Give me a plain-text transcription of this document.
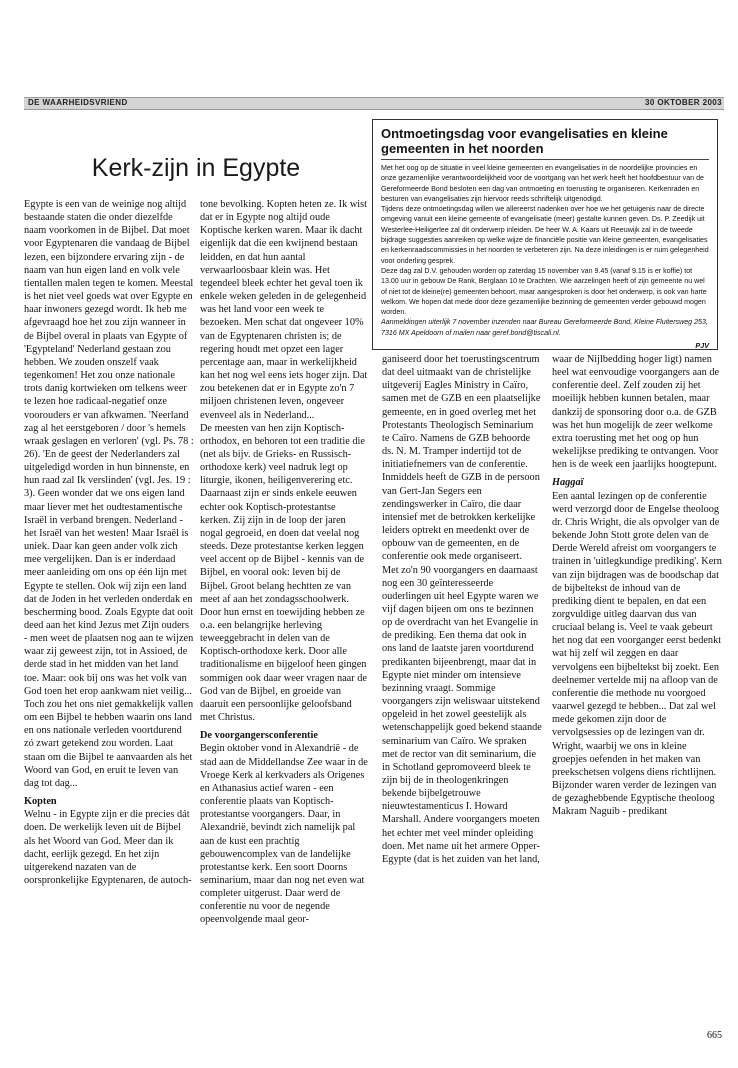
DE WAARHEIDSVRIEND	30 OKTOBER 2003
Ontmoetingsdag voor evangelisaties en kleine gemeenten in het noorden

Met het oog op de situatie in veel kleine gemeenten en evangelisaties in de noordelijke provincies en onze gezamenlijke verantwoordelijkheid voor de voortgang van het werk heeft het hoofdbestuur van de Gereformeerde Bond besloten een dag van ontmoeting en toerusting te organiseren. Kerkenraden en besturen van evangelisaties zijn hiervoor reeds schriftelijk uitgenodigd.

Tijdens deze ontmoetingsdag willen we allereerst nadenken over hoe we het getuigenis naar de directe omgeving vanuit een kleine gemeente of evangelisatie (meer) gestalte kunnen geven. Ds. P. Zeedijk uit Westerlee-Heiligerlee zal dit onderwerp inleiden. De heer W. A. Kaars uit Reeuwijk zal in de tweede bijdrage suggesties aanreiken op welke wijze de financiële positie van kleine gemeenten, evangelisaties en kerkenraadscommissies in het noorden te verbeteren zijn. Na deze inleidingen is er ruim gelegenheid voor onderling gesprek.

Deze dag zal D.V. gehouden worden op zaterdag 15 november van 9.45 (vanaf 9.15 is er koffie) tot 13.00 uur in gebouw De Rank, Berglaan 10 te Drachten. Wie aarzelingen heeft of zijn gemeente nu wel of niet tot de kleine(re) gemeenten behoort, maar aangesproken is door het onderwerp, is ook van harte welkom. We hopen dat mede door deze gezamenlijke bezinning de gemeenten verder gebouwd mogen worden.

Aanmeldingen uiterlijk 7 november inzenden naar Bureau Gereformeerde Bond, Kleine Fluitersweg 253, 7316 MX Apeldoorn of mailen naar geref.bond@tiscali.nl.

PJV
Kerk-zijn in Egypte

Egypte is een van de weinige nog altijd bestaande staten die onder diezelfde naam voorkomen in de Bijbel. Dat moet voor Egyptenaren die vandaag de Bijbel lezen, een bijzondere ervaring zijn - de naam van hun eigen land en volk vele tientallen malen tegen te komen. Meestal is het niet veel goeds wat over Egypte en haar inwoners gezegd wordt. Ik heb me afgevraagd hoe het zou zijn wanneer in de Bijbel overal in plaats van Egypte of 'Egypteland' Nederland gestaan zou hebben. We zouden onszelf vaak tegenkomen! Het zou onze nationale trots danig kortwieken om telkens weer te lezen hoe radicaal-negatief onze voorouders er van afkwamen. 'Neerland zag al het eerstgeboren / door 's hemels wraak geslagen en verloren' (vgl. Ps. 78 : 26). 'En de geest der Nederlanders zal uitgeledigd worden in hun binnenste, en hun raad zal Ik verslinden' (vgl. Jes. 19 : 3). Geen wonder dat we ons eigen land maar liever met het oudtestamentische Israël in verband brengen. Nederland - het Israël van het westen! Maar Israël is uniek. Daar kan geen ander volk zich mee vergelijken. Dan is er inderdaad meer aanleiding om ons op één lijn met Egypte te stellen. Ook wij zijn een land dat de Joden in het verleden onderdak en bescherming bood. Zoals Egypte dat ooit deed aan het kind Jezus met Zijn ouders - men weet de plaatsen nog aan te wijzen waar zij geweest zijn, tot in Assioed, de derde stad in het midden van het land toe. Maar: ook bij ons was het volk van God toen het erop aankwam niet veilig... Toch zou het ons niet gemakkelijk vallen om een Bijbel te hebben waarin ons land en ons nationale verleden voortdurend zó zwart getekend zou worden. Laat staan om die Bijbel te aanvaarden als het Woord van God, en eruit te leven van dag tot dag...

Kopten

Welnu - in Egypte zijn er die precies dát doen. De werkelijk leven uit de Bijbel als het Woord van God. Meer dan ik dacht, eerlijk gezegd. En het zijn uitgerekend nazaten van de oorspronkelijke Egyptenaren, de autoch-

tone bevolking. Kopten heten ze. Ik wist dat er in Egypte nog altijd oude Koptische kerken waren. Maar ik dacht eigenlijk dat die een kwijnend bestaan leidden, en dat hun aantal verwaarloosbaar klein was. Het tegendeel bleek echter het geval toen ik enkele weken geleden in de gelegenheid was het land voor een week te bezoeken. Men schat dat ongeveer 10% van de Egyptenaren christen is; de regering houdt met opzet een lager percentage aan, maar in werkelijkheid kan het nog wel eens iets hoger zijn. Dat zou betekenen dat er in Egypte zo'n 7 miljoen christenen leven, ongeveer evenveel als in Nederland...

De meesten van hen zijn Koptisch-orthodox, en behoren tot een traditie die (net als bijv. de Grieks- en Russisch-orthodoxe kerk) veel nadruk legt op liturgie, ikonen, heiligenverering etc. Daarnaast zijn er sinds enkele eeuwen echter ook Koptisch-protestantse kerken. Zij zijn in de loop der jaren nogal gegroeid, en doen dat veelal nog steeds. Deze protestantse kerken leggen veel accent op de Bijbel - kennis van de Bijbel, en vooral ook: leven bij de Bijbel. Groot belang hechtten ze van meet af aan het zondagsschoolwerk. Door hun ernst en toewijding hebben ze o.a. een belangrijke herleving teweeggebracht in delen van de Koptisch-orthodoxe kerk. Door alle traditionalisme en bijgeloof heen gingen sommigen ook daar weer vragen naar de God van de Bijbel, en groeide van daaruit een persoonlijke geloofsband met Christus.

De voorgangersconferentie

Begin oktober vond in Alexandrië - de stad aan de Middellandse Zee waar in de Vroege Kerk al kerkvaders als Origenes en Athanasius actief waren - een conferentie plaats van Koptisch-protestantse voorgangers. Daar, in Alexandrië, bevindt zich namelijk pal aan de kust een prachtig gebouwencomplex van de landelijke protestantse kerk. Een soort Doorns seminarium, maar dan nog net even wat completer uitgerust. Daar werd de conferentie nu voor de negende opeenvolgende maal geor-

ganiseerd door het toerustingscentrum dat deel uitmaakt van de christelijke uitgeverij Eagles Ministry in Caïro, samen met de GZB en een plaatselijke gemeente, en in goed overleg met het Protestants Theologisch Seminarium te Caïro. Namens de GZB behoorde ds. N. M. Tramper indertijd tot de initiatiefnemers van de conferentie. Inmiddels heeft de GZB in de persoon van Gert-Jan Segers een zendingswerker in Caïro, die daar intensief met de betrokken kerkelijke leiders optrekt en meedenkt over de opbouw van de gemeenten, en de conferentie ook mede organiseert.

Met zo'n 90 voorgangers en daarnaast nog een 30 geïnteresseerde ouderlingen uit heel Egypte waren we vijf dagen bijeen om ons te bezinnen op de overdracht van het Evangelie in de prediking. Een thema dat ook in ons land de laatste jaren voortdurend predikanten bijeenbrengt, maar dat in Egypte niet minder om intensieve bezinning vraagt. Sommige voorgangers zijn weliswaar uitstekend opgeleid in het zowel geestelijk als wetenschappelijk goed bekend staande seminarium van Caïro. We spraken met de rector van dit seminarium, die in Schotland gepromoveerd bleek te zijn bij de in theologenkringen bekende bijbelgetrouwe nieuwtestamenticus I. Howard Marshall. Andere voorgangers moeten het echter met veel minder opleiding doen. Met name uit het armere Opper-Egypte (dat is het zuiden van het land,

waar de Nijlbedding hoger ligt) namen heel wat eenvoudige voorgangers aan de conferentie deel. Zelf zouden zij het moeilijk hebben kunnen betalen, maar dankzij de sponsoring door o.a. de GZB was het hun mogelijk de zeer welkome extra toerusting met het oog op hun wekelijkse prediking te ontvangen. Voor hen is de week een jaarlijks hoogtepunt.

Haggaï

Een aantal lezingen op de conferentie werd verzorgd door de Engelse theoloog dr. Chris Wright, die als opvolger van de bekende John Stott grote delen van de Derde Wereld afreist om voorgangers te trainen in 'uitlegkundige prediking'. Kern van zijn bijdragen was de boodschap dat de bijbeltekst de inhoud van de prediking dient te bepalen, en dat een zorgvuldige uitleg daarvan dus van cruciaal belang is. Veel te vaak gebeurt het nog dat een voorganger eerst bedenkt wat hij zelf wil zeggen en daar vervolgens een bijbeltekst bij zoekt. Een deelnemer vertelde mij na afloop van de conferentie die methode nu voorgoed vaarwel gezegd te hebben... Dat zal wel mede gekomen zijn door de vervolgsessies op de lezingen van dr. Wright, waarbij we ons in kleine groepjes oefenden in het maken van preekschetsen volgens diens richtlijnen.

Bijzonder waren verder de lezingen van de gezaghebbende Egyptische theoloog Makram Naguib - predikant

665
